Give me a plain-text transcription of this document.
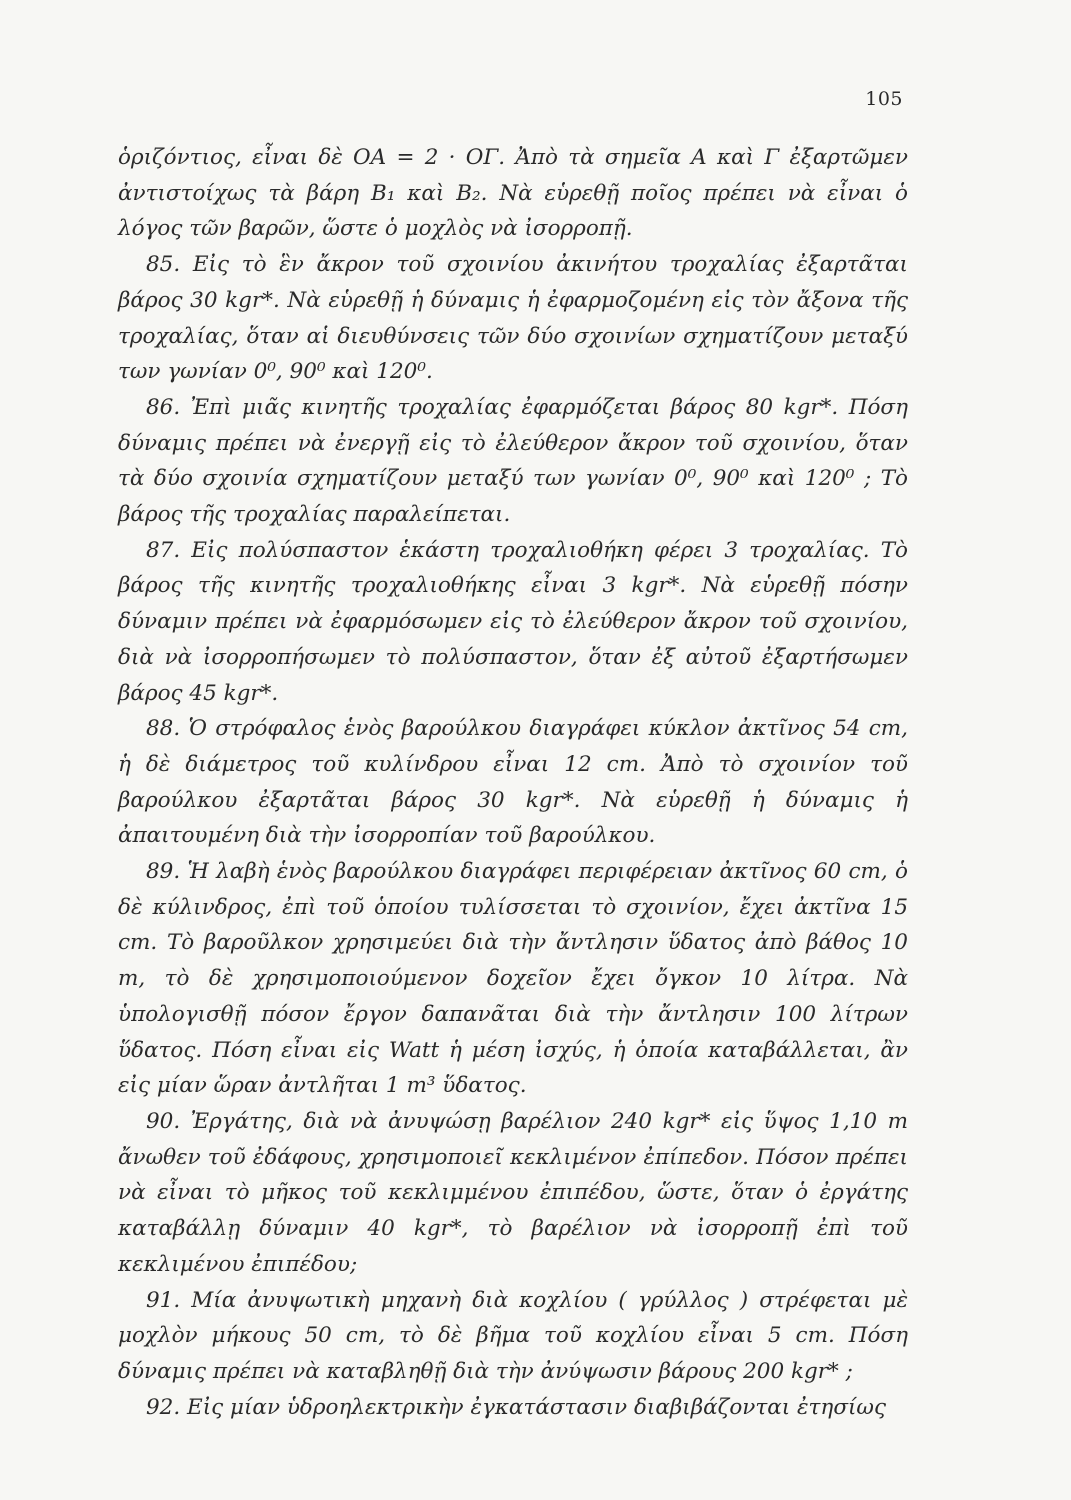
105

ὁριζόντιος, εἶναι δὲ ΟΑ = 2 · ΟΓ. Ἀπὸ τὰ σημεῖα Α καὶ Γ ἐξαρτῶμεν ἀντιστοίχως τὰ βάρη B₁ καὶ B₂. Νὰ εὑρεθῇ ποῖος πρέπει νὰ εἶναι ὁ λόγος τῶν βαρῶν, ὥστε ὁ μοχλὸς νὰ ἰσορροπῇ.

85. Εἰς τὸ ἓν ἄκρον τοῦ σχοινίου ἀκινήτου τροχαλίας ἐξαρτᾶται βάρος 30 kgr*. Νὰ εὑρεθῇ ἡ δύναμις ἡ ἐφαρμοζομένη εἰς τὸν ἄξονα τῆς τροχαλίας, ὅταν αἱ διευθύνσεις τῶν δύο σχοινίων σχηματίζουν μεταξύ των γωνίαν 0⁰, 90⁰ καὶ 120⁰.

86. Ἐπὶ μιᾶς κινητῆς τροχαλίας ἐφαρμόζεται βάρος 80 kgr*. Πόση δύναμις πρέπει νὰ ἐνεργῇ εἰς τὸ ἐλεύθερον ἄκρον τοῦ σχοινίου, ὅταν τὰ δύο σχοινία σχηματίζουν μεταξύ των γωνίαν 0⁰, 90⁰ καὶ 120⁰ ; Τὸ βάρος τῆς τροχαλίας παραλείπεται.

87. Εἰς πολύσπαστον ἑκάστη τροχαλιοθήκη φέρει 3 τροχαλίας. Τὸ βάρος τῆς κινητῆς τροχαλιοθήκης εἶναι 3 kgr*. Νὰ εὑρεθῇ πόσην δύναμιν πρέπει νὰ ἐφαρμόσωμεν εἰς τὸ ἐλεύθερον ἄκρον τοῦ σχοινίου, διὰ νὰ ἰσορροπήσωμεν τὸ πολύσπαστον, ὅταν ἐξ αὐτοῦ ἐξαρτήσωμεν βάρος 45 kgr*.

88. Ὁ στρόφαλος ἑνὸς βαρούλκου διαγράφει κύκλον ἀκτῖνος 54 cm, ἡ δὲ διάμετρος τοῦ κυλίνδρου εἶναι 12 cm. Ἀπὸ τὸ σχοινίον τοῦ βαρούλκου ἐξαρτᾶται βάρος 30 kgr*. Νὰ εὑρεθῇ ἡ δύναμις ἡ ἀπαιτουμένη διὰ τὴν ἰσορροπίαν τοῦ βαρούλκου.

89. Ἡ λαβὴ ἑνὸς βαρούλκου διαγράφει περιφέρειαν ἀκτῖνος 60 cm, ὁ δὲ κύλινδρος, ἐπὶ τοῦ ὁποίου τυλίσσεται τὸ σχοινίον, ἔχει ἀκτῖνα 15 cm. Τὸ βαροῦλκον χρησιμεύει διὰ τὴν ἄντλησιν ὕδατος ἀπὸ βάθος 10 m, τὸ δὲ χρησιμοποιούμενον δοχεῖον ἔχει ὄγκον 10 λίτρα. Νὰ ὑπολογισθῇ πόσον ἔργον δαπανᾶται διὰ τὴν ἄντλησιν 100 λίτρων ὕδατος. Πόση εἶναι εἰς Watt ἡ μέση ἰσχύς, ἡ ὁποία καταβάλλεται, ἂν εἰς μίαν ὥραν ἀντλῆται 1 m³ ὕδατος.

90. Ἐργάτης, διὰ νὰ ἀνυψώσῃ βαρέλιον 240 kgr* εἰς ὕψος 1,10 m ἄνωθεν τοῦ ἐδάφους, χρησιμοποιεῖ κεκλιμένον ἐπίπεδον. Πόσον πρέπει νὰ εἶναι τὸ μῆκος τοῦ κεκλιμμένου ἐπιπέδου, ὥστε, ὅταν ὁ ἐργάτης καταβάλλῃ δύναμιν 40 kgr*, τὸ βαρέλιον νὰ ἰσορροπῇ ἐπὶ τοῦ κεκλιμένου ἐπιπέδου;

91. Μία ἀνυψωτικὴ μηχανὴ διὰ κοχλίου ( γρύλλος ) στρέφεται μὲ μοχλὸν μήκους 50 cm, τὸ δὲ βῆμα τοῦ κοχλίου εἶναι 5 cm. Πόση δύναμις πρέπει νὰ καταβληθῇ διὰ τὴν ἀνύψωσιν βάρους 200 kgr* ;

92. Εἰς μίαν ὑδροηλεκτρικὴν ἐγκατάστασιν διαβιβάζονται ἐτησίως
